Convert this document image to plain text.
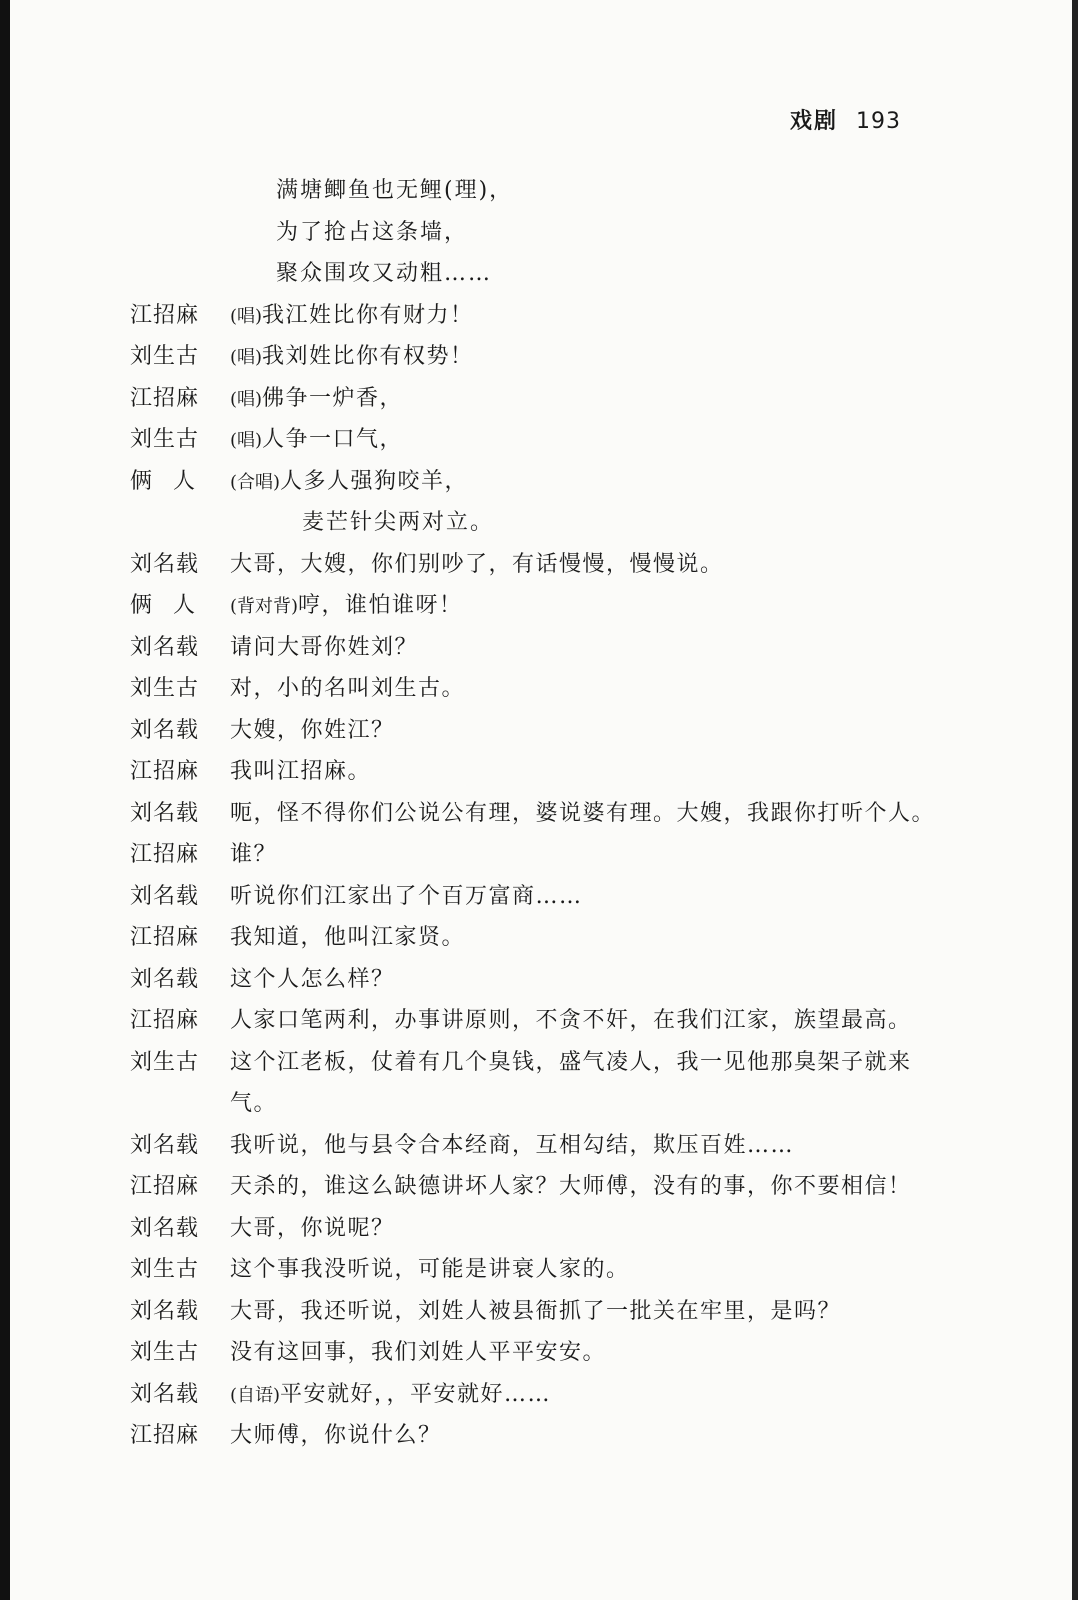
戏剧 193
满塘鲫鱼也无鲤(理)，
为了抢占这条墙，
聚众围攻又动粗……
江招麻	(唱)我江姓比你有财力！
刘生古	(唱)我刘姓比你有权势！
江招麻	(唱)佛争一炉香，
刘生古	(唱)人争一口气，
俩人 (合唱)人多人强狗咬羊，
麦芒针尖两对立。
刘名载	大哥，大嫂，你们别吵了，有话慢慢，慢慢说。
俩人 (背对背)哼，谁怕谁呀！
刘名载	请问大哥你姓刘？
刘生古	对，小的名叫刘生古。
刘名载	大嫂，你姓江？
江招麻	我叫江招麻。
刘名载	呃，怪不得你们公说公有理，婆说婆有理。大嫂，我跟你打听个人。
江招麻	谁？
刘名载	听说你们江家出了个百万富商……
江招麻	我知道，他叫江家贤。
刘名载	这个人怎么样？
江招麻	人家口笔两利，办事讲原则，不贪不奸，在我们江家，族望最高。
刘生古	这个江老板，仗着有几个臭钱，盛气凌人，我一见他那臭架子就来
气。
刘名载	我听说，他与县令合本经商，互相勾结，欺压百姓……
江招麻	天杀的，谁这么缺德讲坏人家？大师傅，没有的事，你不要相信！
刘名载	大哥，你说呢？
刘生古	这个事我没听说，可能是讲衰人家的。
刘名载	大哥，我还听说，刘姓人被县衙抓了一批关在牢里，是吗？
刘生古	没有这回事，我们刘姓人平平安安。
刘名载	(自语)平安就好，，平安就好……
江招麻	大师傅，你说什么？
